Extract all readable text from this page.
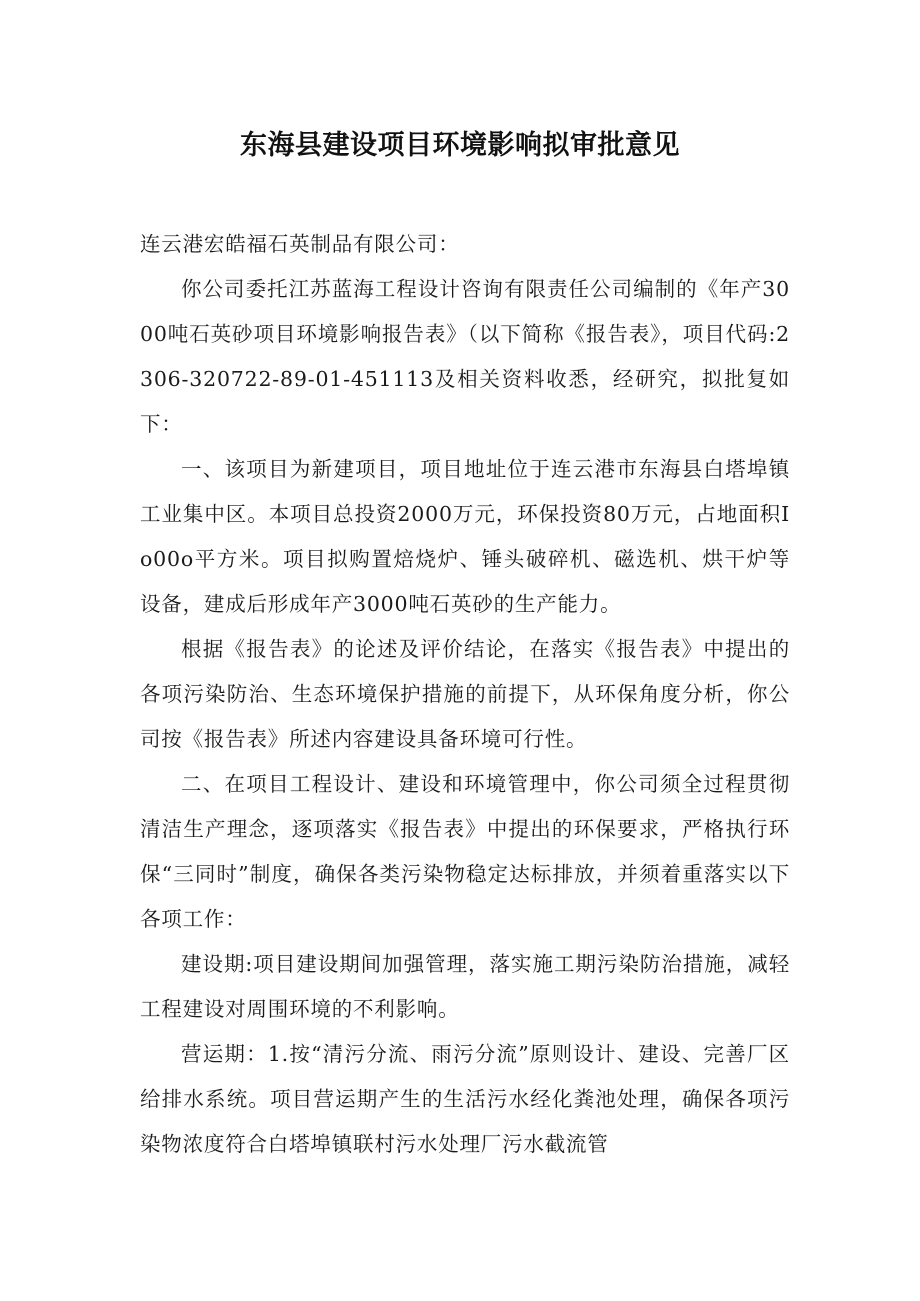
东海县建设项目环境影响拟审批意见

连云港宏皓福石英制品有限公司：

你公司委托江苏蓝海工程设计咨询有限责任公司编制的《年产3000吨石英砂项目环境影响报告表》（以下简称《报告表》，项目代码:2306-320722-89-01-451113及相关资料收悉，经研究，拟批复如下：

一、该项目为新建项目，项目地址位于连云港市东海县白塔埠镇工业集中区。本项目总投资2000万元，环保投资80万元，占地面积Io00o平方米。项目拟购置焙烧炉、锤头破碎机、磁选机、烘干炉等设备，建成后形成年产3000吨石英砂的生产能力。

根据《报告表》的论述及评价结论，在落实《报告表》中提出的各项污染防治、生态环境保护措施的前提下，从环保角度分析，你公司按《报告表》所述内容建设具备环境可行性。

二、在项目工程设计、建设和环境管理中，你公司须全过程贯彻清洁生产理念，逐项落实《报告表》中提出的环保要求，严格执行环保“三同时”制度，确保各类污染物稳定达标排放，并须着重落实以下各项工作：

建设期:项目建设期间加强管理，落实施工期污染防治措施，减轻工程建设对周围环境的不利影响。

营运期：1.按“清污分流、雨污分流”原则设计、建设、完善厂区给排水系统。项目营运期产生的生活污水经化粪池处理，确保各项污染物浓度符合白塔埠镇联村污水处理厂污水截流管
